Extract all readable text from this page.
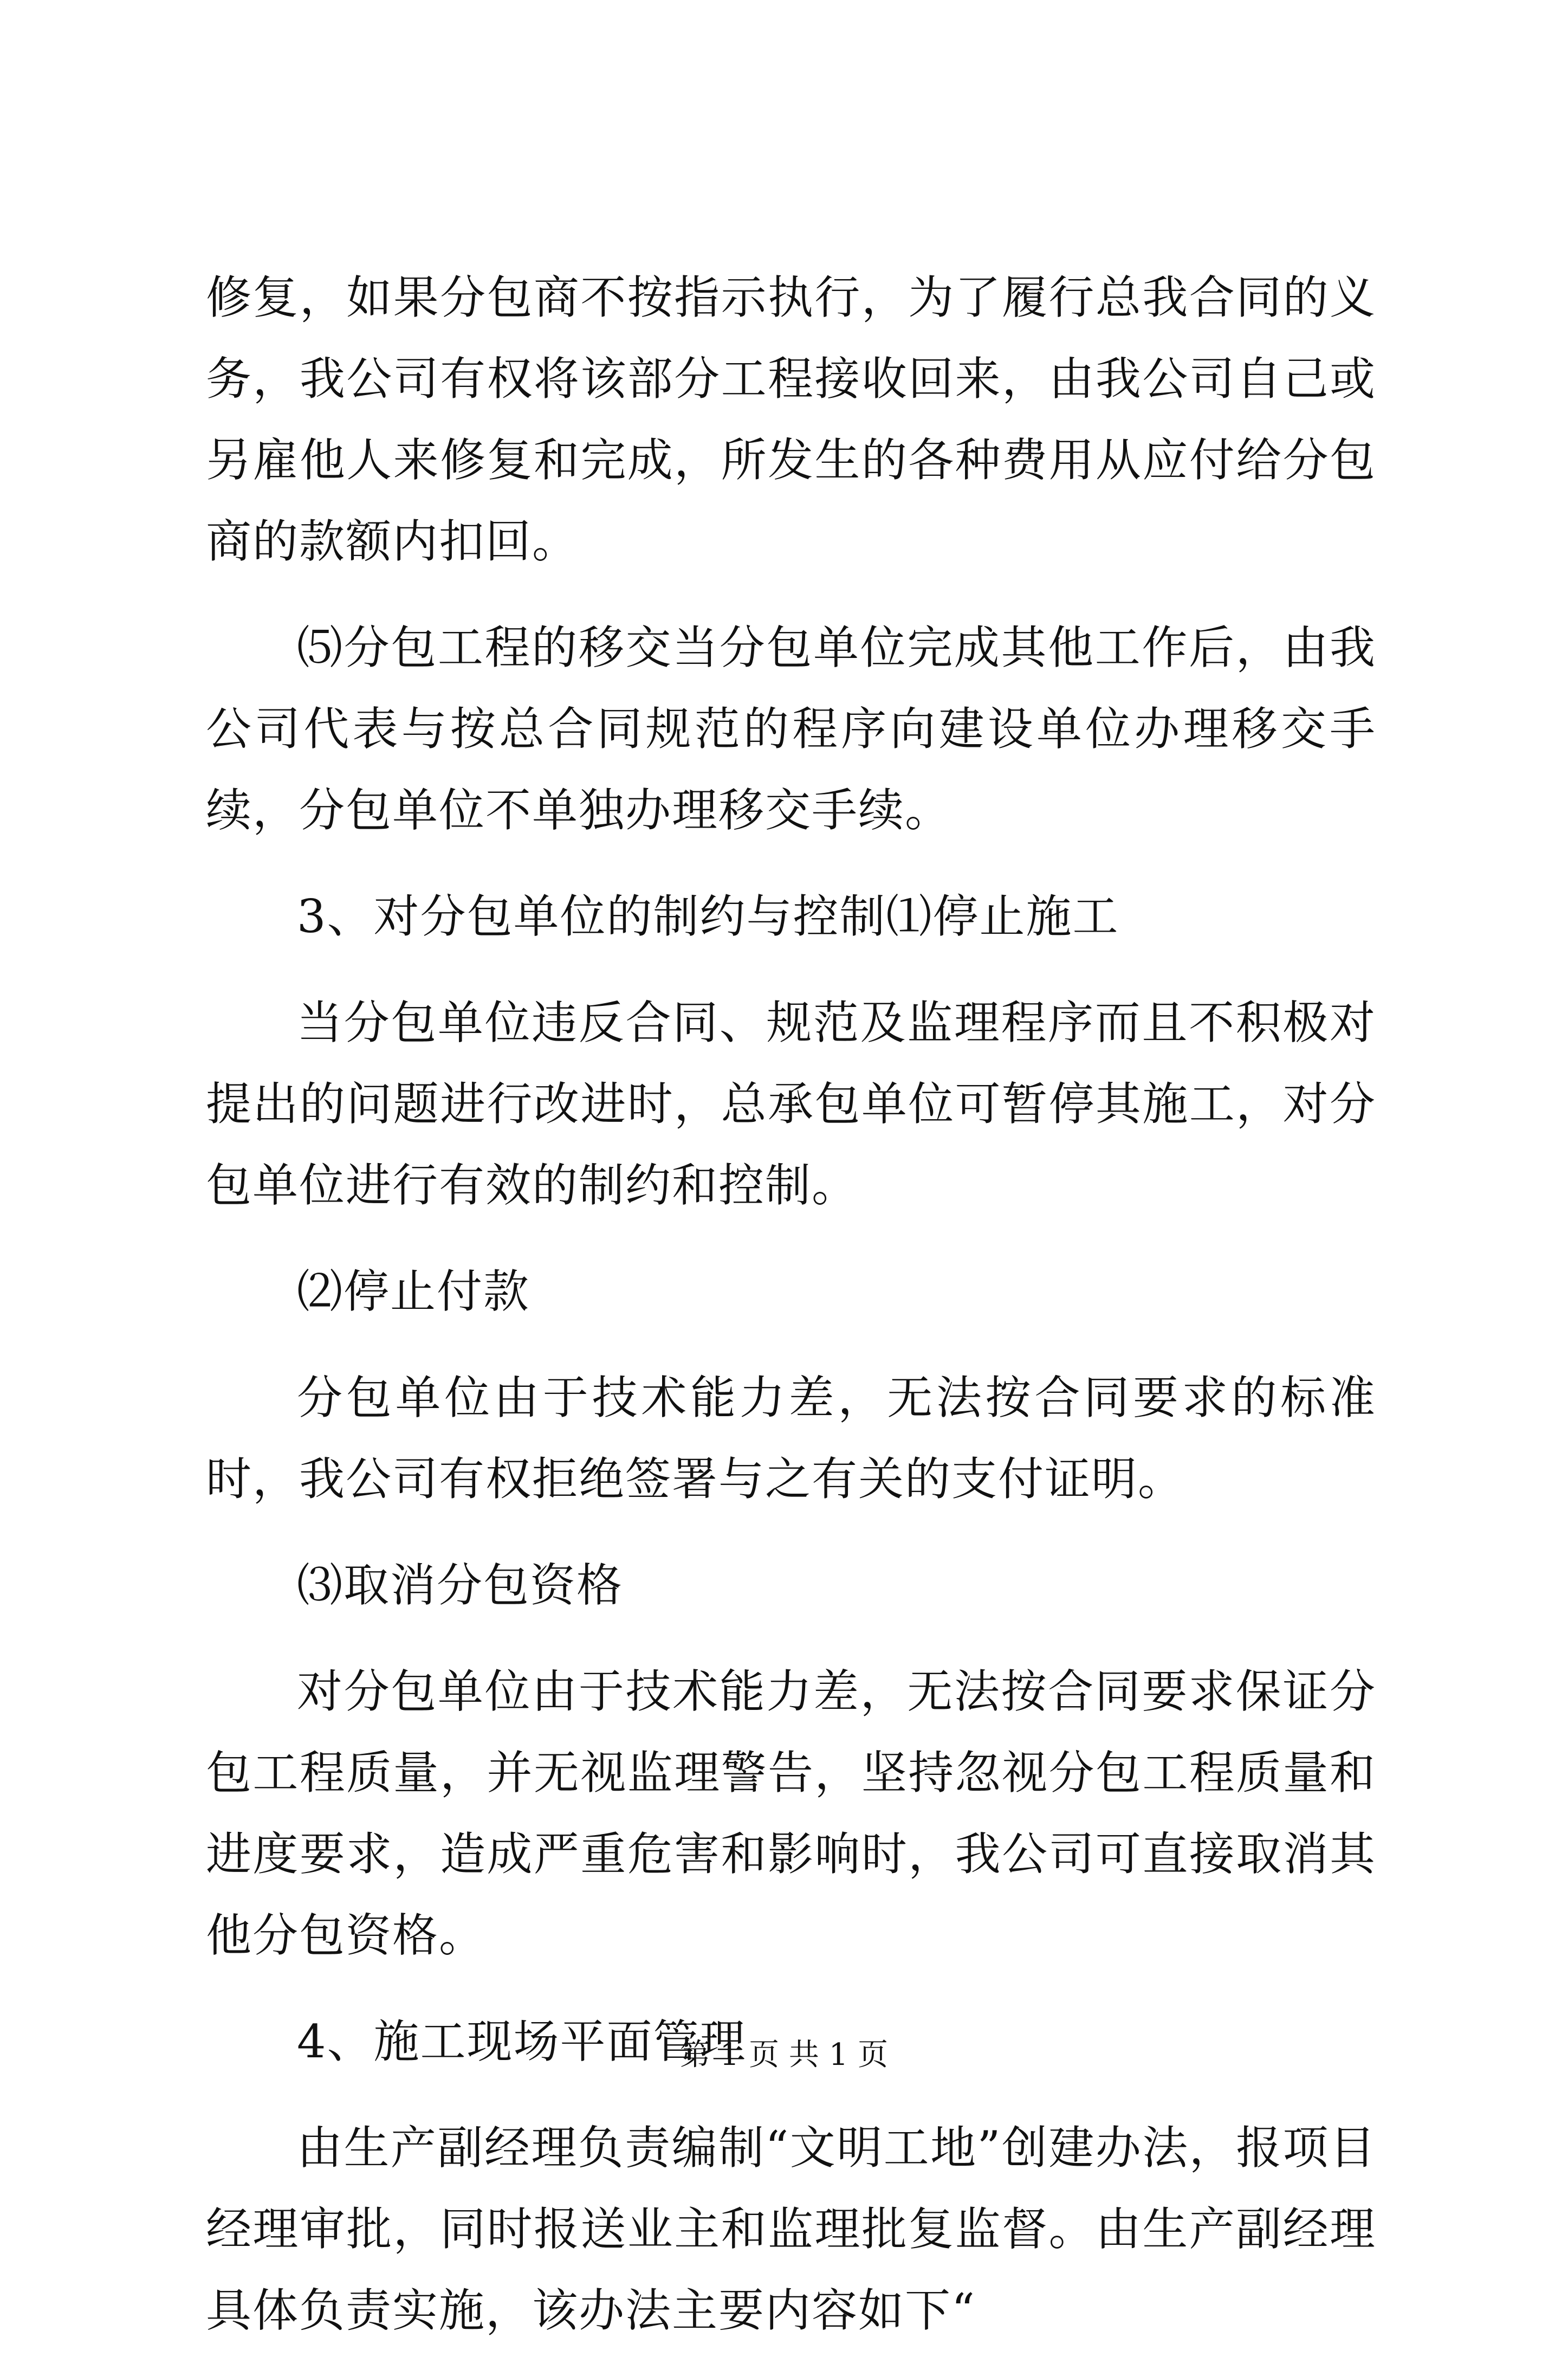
修复，如果分包商不按指示执行，为了履行总我合同的义务，我公司有权将该部分工程接收回来，由我公司自己或另雇他人来修复和完成，所发生的各种费用从应付给分包商的款额内扣回。

⑸分包工程的移交当分包单位完成其他工作后，由我公司代表与按总合同规范的程序向建设单位办理移交手续，分包单位不单独办理移交手续。

3、对分包单位的制约与控制⑴停止施工

当分包单位违反合同、规范及监理程序而且不积极对提出的问题进行改进时，总承包单位可暂停其施工，对分包单位进行有效的制约和控制。

⑵停止付款

分包单位由于技术能力差，无法按合同要求的标准时，我公司有权拒绝签署与之有关的支付证明。

⑶取消分包资格

对分包单位由于技术能力差，无法按合同要求保证分包工程质量，并无视监理警告，坚持忽视分包工程质量和进度要求，造成严重危害和影响时，我公司可直接取消其他分包资格。

4、施工现场平面管理

由生产副经理负责编制“文明工地”创建办法，报项目经理审批，同时报送业主和监理批复监督。由生产副经理具体负责实施，该办法主要内容如下“

第 1 页 共 1 页
